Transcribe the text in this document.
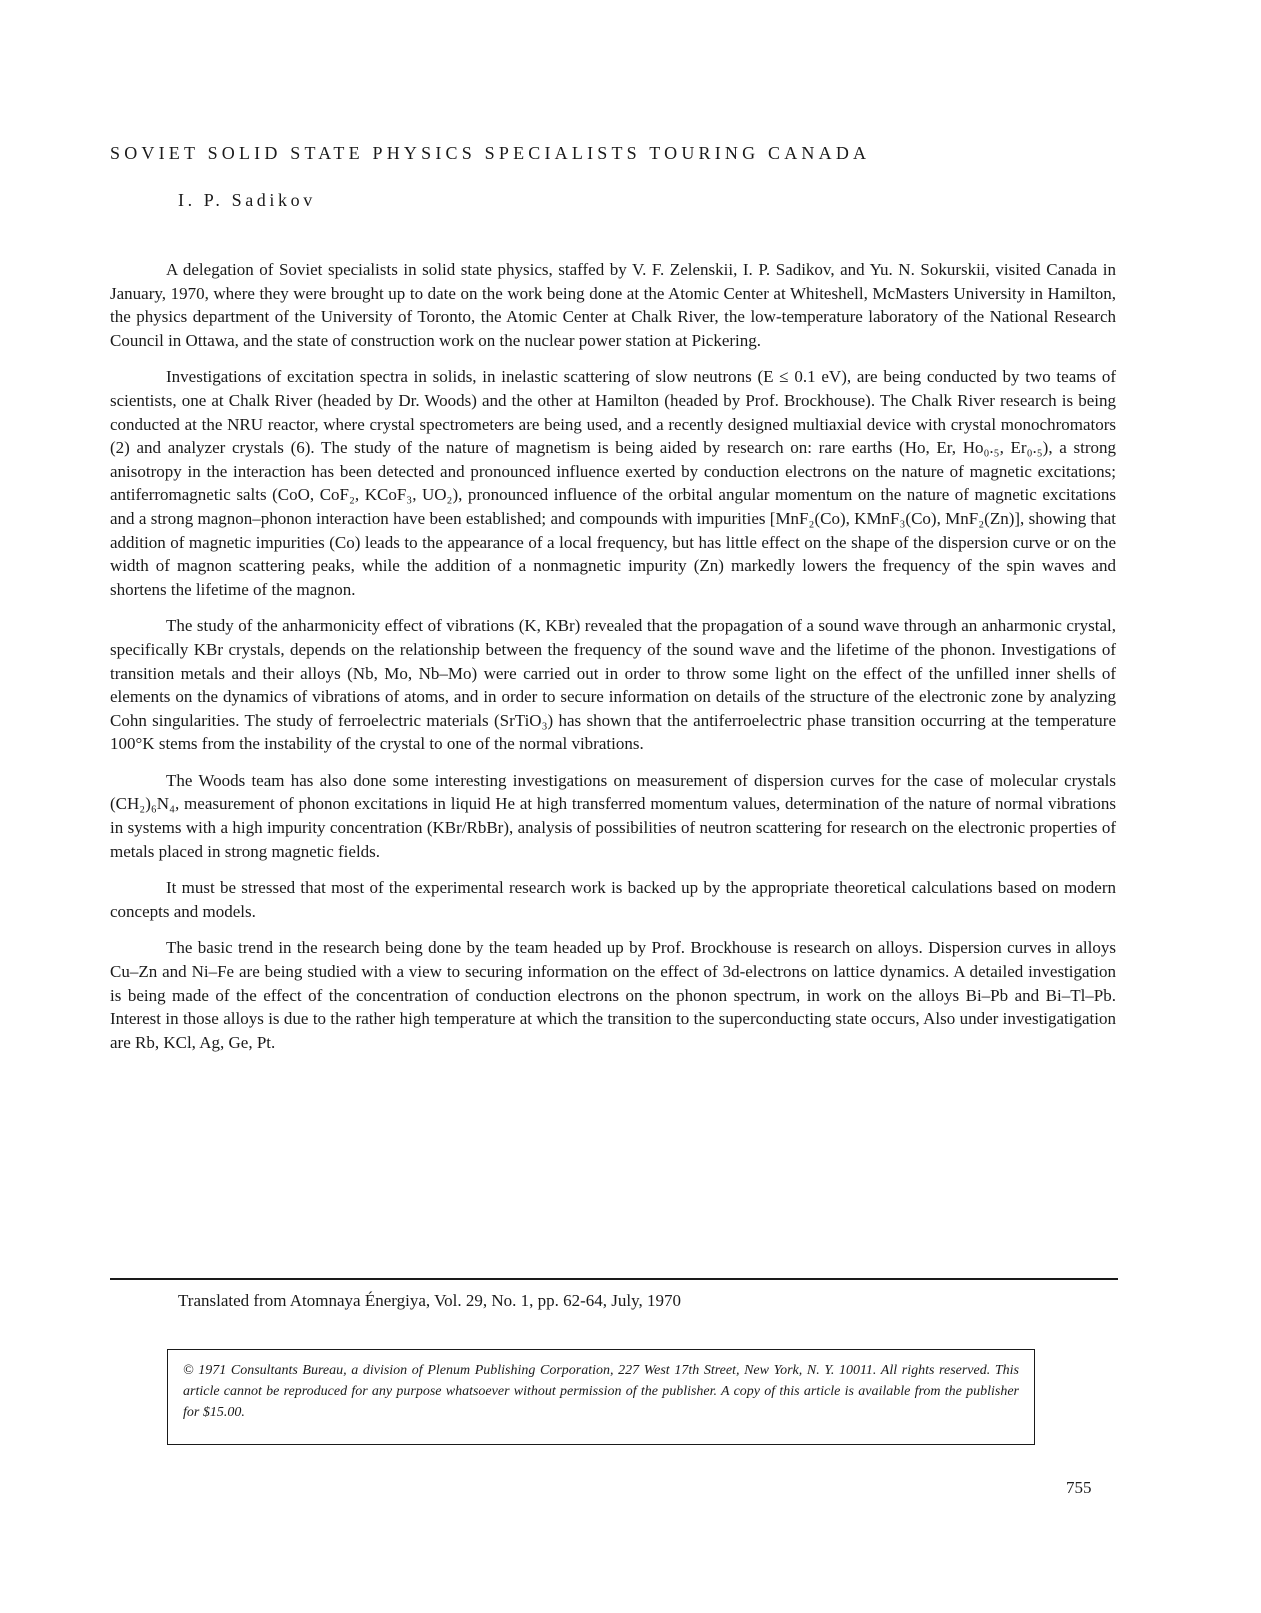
SOVIET SOLID STATE PHYSICS SPECIALISTS TOURING CANADA
I. P. Sadikov

A delegation of Soviet specialists in solid state physics, staffed by V. F. Zelenskii, I. P. Sadikov, and Yu. N. Sokurskii, visited Canada in January, 1970, where they were brought up to date on the work being done at the Atomic Center at Whiteshell, McMasters University in Hamilton, the physics department of the University of Toronto, the Atomic Center at Chalk River, the low-temperature laboratory of the National Research Council in Ottawa, and the state of construction work on the nuclear power station at Pickering.

Investigations of excitation spectra in solids, in inelastic scattering of slow neutrons (E ≤ 0.1 eV), are being conducted by two teams of scientists, one at Chalk River (headed by Dr. Woods) and the other at Hamilton (headed by Prof. Brockhouse). The Chalk River research is being conducted at the NRU reactor, where crystal spectrometers are being used, and a recently designed multiaxial device with crystal monochromators (2) and analyzer crystals (6). The study of the nature of magnetism is being aided by research on: rare earths (Ho, Er, Ho₀.₅, Er₀.₅), a strong anisotropy in the interaction has been detected and pronounced influence exerted by conduction electrons on the nature of magnetic excitations; antiferromagnetic salts (CoO, CoF₂, KCoF₃, UO₂), pronounced influence of the orbital angular momentum on the nature of magnetic excitations and a strong magnon–phonon interaction have been established; and compounds with impurities [MnF₂(Co), KMnF₃(Co), MnF₂(Zn)], showing that addition of magnetic impurities (Co) leads to the appearance of a local frequency, but has little effect on the shape of the dispersion curve or on the width of magnon scattering peaks, while the addition of a nonmagnetic impurity (Zn) markedly lowers the frequency of the spin waves and shortens the lifetime of the magnon.

The study of the anharmonicity effect of vibrations (K, KBr) revealed that the propagation of a sound wave through an anharmonic crystal, specifically KBr crystals, depends on the relationship between the frequency of the sound wave and the lifetime of the phonon. Investigations of transition metals and their alloys (Nb, Mo, Nb–Mo) were carried out in order to throw some light on the effect of the unfilled inner shells of elements on the dynamics of vibrations of atoms, and in order to secure information on details of the structure of the electronic zone by analyzing Cohn singularities. The study of ferroelectric materials (SrTiO₃) has shown that the antiferroelectric phase transition occurring at the temperature 100°K stems from the instability of the crystal to one of the normal vibrations.

The Woods team has also done some interesting investigations on measurement of dispersion curves for the case of molecular crystals (CH₂)₆N₄, measurement of phonon excitations in liquid He at high transferred momentum values, determination of the nature of normal vibrations in systems with a high impurity concentration (KBr/RbBr), analysis of possibilities of neutron scattering for research on the electronic properties of metals placed in strong magnetic fields.

It must be stressed that most of the experimental research work is backed up by the appropriate theoretical calculations based on modern concepts and models.

The basic trend in the research being done by the team headed up by Prof. Brockhouse is research on alloys. Dispersion curves in alloys Cu–Zn and Ni–Fe are being studied with a view to securing information on the effect of 3d-electrons on lattice dynamics. A detailed investigation is being made of the effect of the concentration of conduction electrons on the phonon spectrum, in work on the alloys Bi–Pb and Bi–Tl–Pb. Interest in those alloys is due to the rather high temperature at which the transition to the superconducting state occurs, Also under investigatigation are Rb, KCl, Ag, Ge, Pt.

Translated from Atomnaya Énergiya, Vol. 29, No. 1, pp. 62-64, July, 1970

© 1971 Consultants Bureau, a division of Plenum Publishing Corporation, 227 West 17th Street, New York, N. Y. 10011. All rights reserved. This article cannot be reproduced for any purpose whatsoever without permission of the publisher. A copy of this article is available from the publisher for $15.00.

755
